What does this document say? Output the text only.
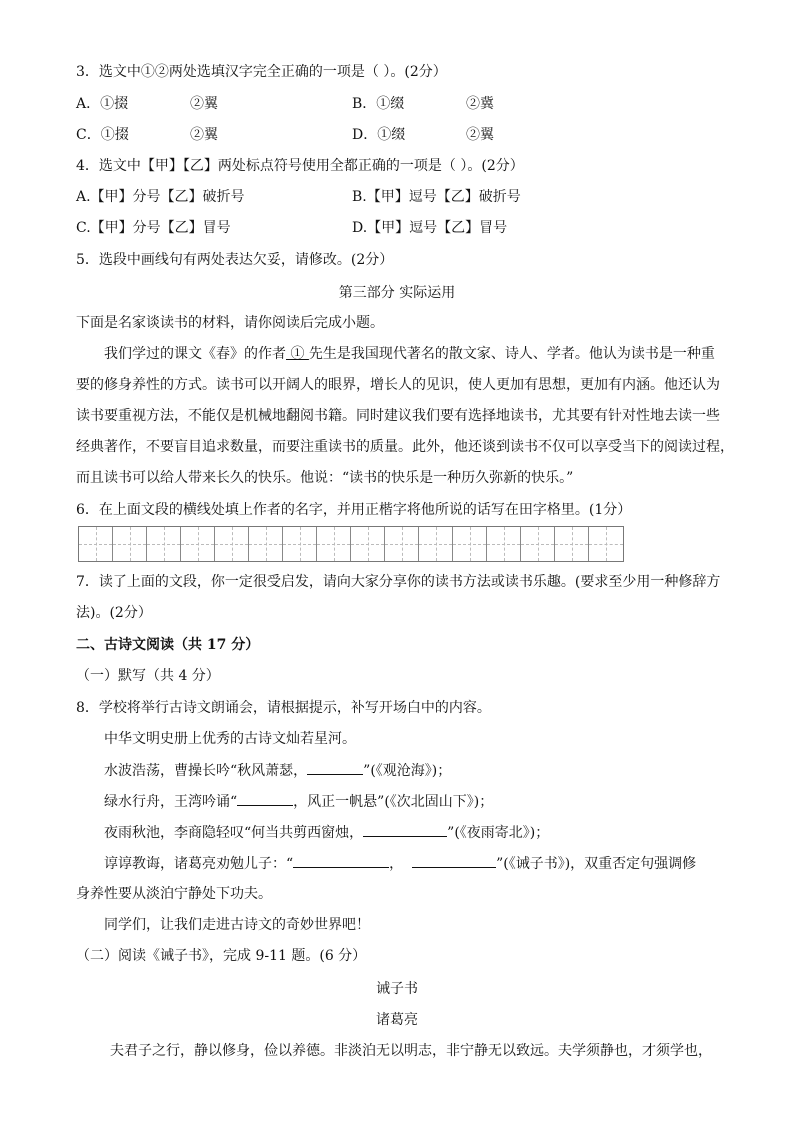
3．选文中①②两处选填汉字完全正确的一项是（ ）。(2分）
A．①掇	②翼	B．①缀	②冀
C．①掇	②翼	D．①缀	②翼
4．选文中【甲】【乙】两处标点符号使用全都正确的一项是（ ）。(2分）
A.【甲】分号【乙】破折号	B.【甲】逗号【乙】破折号
C.【甲】分号【乙】冒号	D.【甲】逗号【乙】冒号
5．选段中画线句有两处表达欠妥，请修改。(2分）
第三部分 实际运用
下面是名家谈读书的材料，请你阅读后完成小题。
我们学过的课文《春》的作者 ① 先生是我国现代著名的散文家、诗人、学者。他认为读书是一种重
要的修身养性的方式。读书可以开阔人的眼界，增长人的见识，使人更加有思想，更加有内涵。他还认为
读书要重视方法，不能仅是机械地翻阅书籍。同时建议我们要有选择地读书，尤其要有针对性地去读一些
经典著作，不要盲目追求数量，而要注重读书的质量。此外，他还谈到读书不仅可以享受当下的阅读过程，
而且读书可以给人带来长久的快乐。他说：“读书的快乐是一种历久弥新的快乐。”
6．在上面文段的横线处填上作者的名字，并用正楷字将他所说的话写在田字格里。(1分）
7．读了上面的文段，你一定很受启发，请向大家分享你的读书方法或读书乐趣。(要求至少用一种修辞方
法)。(2分）
二、古诗文阅读（共 17 分）
（一）默写（共 4 分）
8．学校将举行古诗文朗诵会，请根据提示，补写开场白中的内容。
中华文明史册上优秀的古诗文灿若星河。
水波浩荡，曹操长吟“秋风萧瑟，	”(《观沧海》)；
绿水行舟，王湾吟诵“	，风正一帆悬”(《次北固山下》)；
夜雨秋池，李商隐轻叹“何当共剪西窗烛，	”(《夜雨寄北》)；
谆谆教诲，诸葛亮劝勉儿子：“	，	”(《诫子书》)，双重否定句强调修
身养性要从淡泊宁静处下功夫。
同学们，让我们走进古诗文的奇妙世界吧！
（二）阅读《诫子书》，完成 9-11 题。(6 分）
诫子书
诸葛亮
夫君子之行，静以修身，俭以养德。非淡泊无以明志，非宁静无以致远。夫学须静也，才须学也，
